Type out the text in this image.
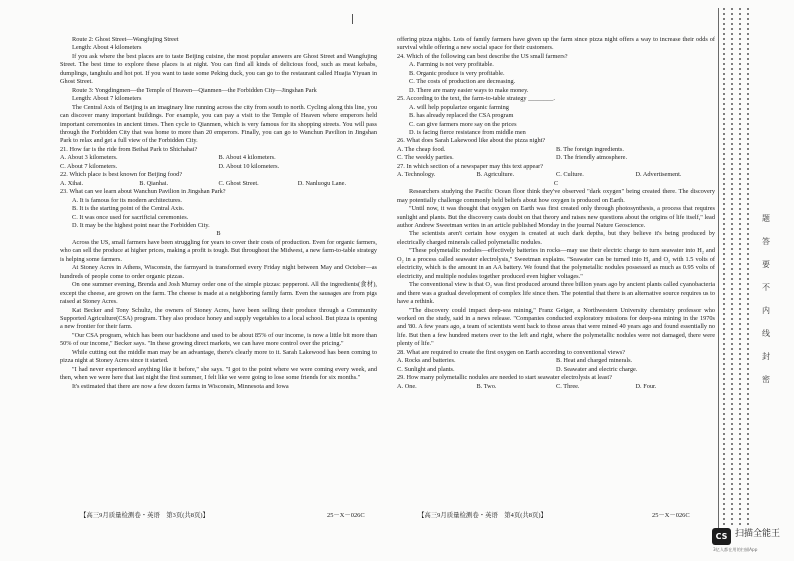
Route 2: Ghost Street—Wangfujing Street

Length: About 4 kilometers

If you ask where the best places are to taste Beijing cuisine, the most popular answers are Ghost Street and Wangfujing Street. The best time to explore these places is at night. You can find all kinds of delicious food, such as meat kebabs, dumplings, tanghulu and hot pot. If you want to taste some Peking duck, you can go to the restaurant called Huajia Yiyuan in Ghost Street.

Route 3: Yongdingmen—the Temple of Heaven—Qianmen—the Forbidden City—Jingshan Park

Length: About 7 kilometers

The Central Axis of Beijing is an imaginary line running across the city from south to north. Cycling along this line, you can discover many important buildings. For example, you can pay a visit to the Temple of Heaven where emperors held important ceremonies in ancient times. Then cycle to Qianmen, which is very famous for its shopping streets. You will pass through the Forbidden City that was home to more than 20 emperors. Finally, you can go to Wanchun Pavilion in Jingshan Park to relax and get a full view of the Forbidden City.

21. How far is the ride from Beihai Park to Shichahai?

A. About 3 kilometers.	B. About 4 kilometers.
C. About 7 kilometers.	D. About 10 kilometers.

22. Which place is best known for Beijing food?

A. Xihai.	B. Qianhai.	C. Ghost Street.	D. Nanluogu Lane.

23. What can we learn about Wanchun Pavilion in Jingshan Park?

A. It is famous for its modern architectures.

B. It is the starting point of the Central Axis.

C. It was once used for sacrificial ceremonies.

D. It may be the highest point near the Forbidden City.

B

Across the US, small farmers have been struggling for years to cover their costs of production. Even for organic farmers, who can sell the produce at higher prices, making a profit is tough. But throughout the Midwest, a new farm-to-table strategy is helping some farmers.

At Stoney Acres in Athens, Wisconsin, the farmyard is transformed every Friday night between May and October—as hundreds of people come to order organic pizzas.

On one summer evening, Brenda and Josh Murray order one of the simple pizzas: pepperoni. All the ingredients(食材), except the cheese, are grown on the farm. The cheese is made at a neighboring family farm. Even the sausages are from pigs raised at Stoney Acres.

Kat Becker and Tony Schultz, the owners of Stoney Acres, have been selling their produce through a Community Supported Agriculture(CSA) program. They also produce honey and supply vegetables to a local school. But pizza is opening a new frontier for their farm.

"Our CSA program, which has been our backbone and used to be about 85% of our income, is now a little bit more than 50% of our income," Becker says. "In these growing direct markets, we can have more control over the pricing."

While cutting out the middle man may be an advantage, there's clearly more to it. Sarah Lakewood has been coming to pizza night at Stoney Acres since it started.

"I had never experienced anything like it before," she says. "I got to the point where we were coming every week, and then, when we were here that last night the first summer, I felt like we were going to lose some friends for six months."

It's estimated that there are now a few dozen farms in Wisconsin, Minnesota and Iowa

offering pizza nights. Lots of family farmers have given up the farm since pizza night offers a way to increase their odds of survival while offering a new social space for their customers.

24. Which of the following can best describe the US small farmers?

A. Farming is not very profitable.

B. Organic produce is very profitable.

C. The costs of production are decreasing.

D. There are many easier ways to make money.

25. According to the text, the farm-to-table strategy ________.

A. will help popularize organic farming

B. has already replaced the CSA program

C. can give farmers more say on the prices

D. is facing fierce resistance from middle men

26. What does Sarah Lakewood like about the pizza night?

A. The cheap food.	B. The foreign ingredients.
C. The weekly parties.	D. The friendly atmosphere.

27. In which section of a newspaper may this text appear?

A. Technology.	B. Agriculture.	C. Culture.	D. Advertisement.

C

Researchers studying the Pacific Ocean floor think they've observed "dark oxygen" being created there. The discovery may potentially challenge commonly held beliefs about how oxygen is produced on Earth.

"Until now, it was thought that oxygen on Earth was first created only through photosynthesis, a process that requires sunlight and plants. But the discovery casts doubt on that theory and raises new questions about the origins of life itself," lead author Andrew Sweetman writes in an article published Monday in the journal Nature Geoscience.

The scientists aren't certain how oxygen is created at such dark depths, but they believe it's being produced by electrically charged minerals called polymetallic nodules.

"These polymetallic nodules—effectively batteries in rocks—may use their electric charge to turn seawater into H₂ and O₂ in a process called seawater electrolysis," Sweetman explains. "Seawater can be turned into H₂ and O₂ with 1.5 volts of electricity, which is the amount in an AA battery. We found that the polymetallic nodules possessed as much as 0.95 volts of electricity, and multiple nodules together produced even higher voltages."

The conventional view is that O₂ was first produced around three billion years ago by ancient plants called cyanobacteria and there was a gradual development of complex life since then. The potential that there is an alternative source requires us to have a rethink.

"The discovery could impact deep-sea mining," Franz Geiger, a Northwestern University chemistry professor who worked on the study, said in a news release. "Companies conducted exploratory missions for deep-sea mining in the 1970s and '80. A few years ago, a team of scientists went back to those areas that were mined 40 years ago and found essentially no life. But then a few hundred meters over to the left and right, where the polymetallic nodules were not damaged, there were plenty of life."

28. What are required to create the first oxygen on Earth according to conventional views?

A. Rocks and batteries.	B. Heat and charged minerals.
C. Sunlight and plants.	D. Seawater and electric charge.

29. How many polymetallic nodules are needed to start seawater electrolysis at least?

A. One.	B. Two.	C. Three.	D. Four.
【高三9月质量检测卷・英语　第3页(共8页)】	25－X－026C	【高三9月质量检测卷・英语　第4页(共8页)】	25－X－026C
题
答
要
不
内
线
封
密
CS 扫描全能王
3亿人都在用的扫描App
